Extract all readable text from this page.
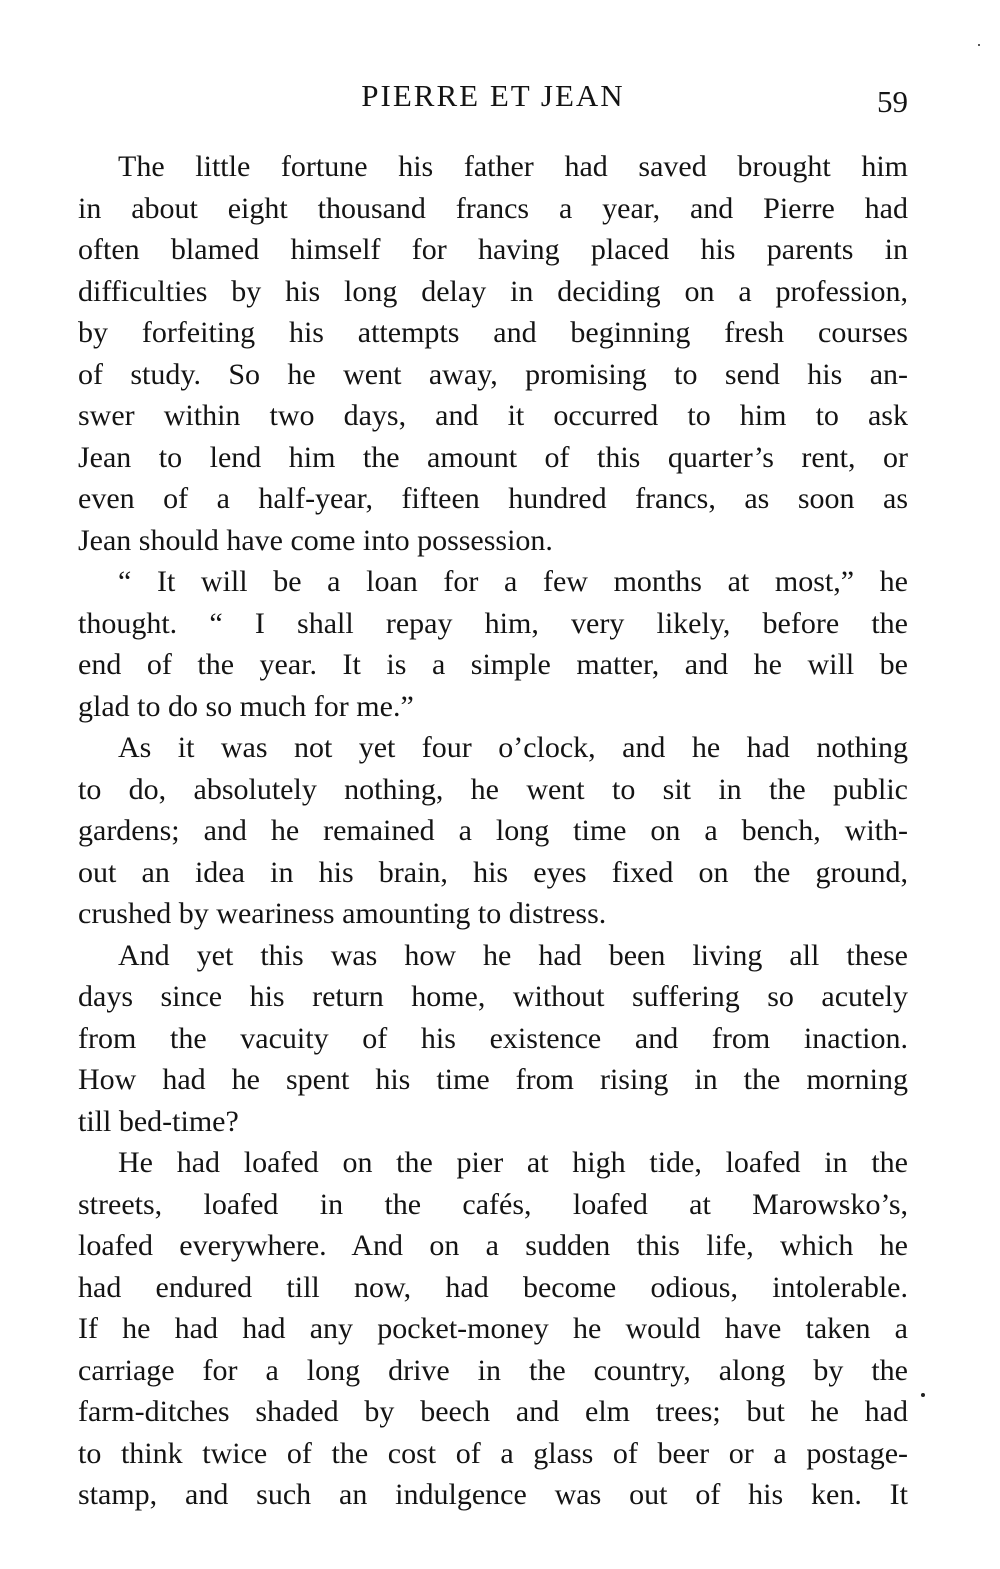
PIERRE ET JEAN	59
The little fortune his father had saved brought him
in about eight thousand francs a year, and Pierre had
often blamed himself for having placed his parents in
difficulties by his long delay in deciding on a profession,
by forfeiting his attempts and beginning fresh courses
of study. So he went away, promising to send his an-
swer within two days, and it occurred to him to ask
Jean to lend him the amount of this quarter’s rent, or
even of a half-year, fifteen hundred francs, as soon as
Jean should have come into possession.
“ It will be a loan for a few months at most,” he
thought. “ I shall repay him, very likely, before the
end of the year. It is a simple matter, and he will be
glad to do so much for me.”
As it was not yet four o’clock, and he had nothing
to do, absolutely nothing, he went to sit in the public
gardens; and he remained a long time on a bench, with-
out an idea in his brain, his eyes fixed on the ground,
crushed by weariness amounting to distress.
And yet this was how he had been living all these
days since his return home, without suffering so acutely
from the vacuity of his existence and from inaction.
How had he spent his time from rising in the morning
till bed-time?
He had loafed on the pier at high tide, loafed in the
streets, loafed in the cafés, loafed at Marowsko’s,
loafed everywhere. And on a sudden this life, which he
had endured till now, had become odious, intolerable.
If he had had any pocket-money he would have taken a
carriage for a long drive in the country, along by the
farm-ditches shaded by beech and elm trees; but he had
to think twice of the cost of a glass of beer or a postage-
stamp, and such an indulgence was out of his ken. It
